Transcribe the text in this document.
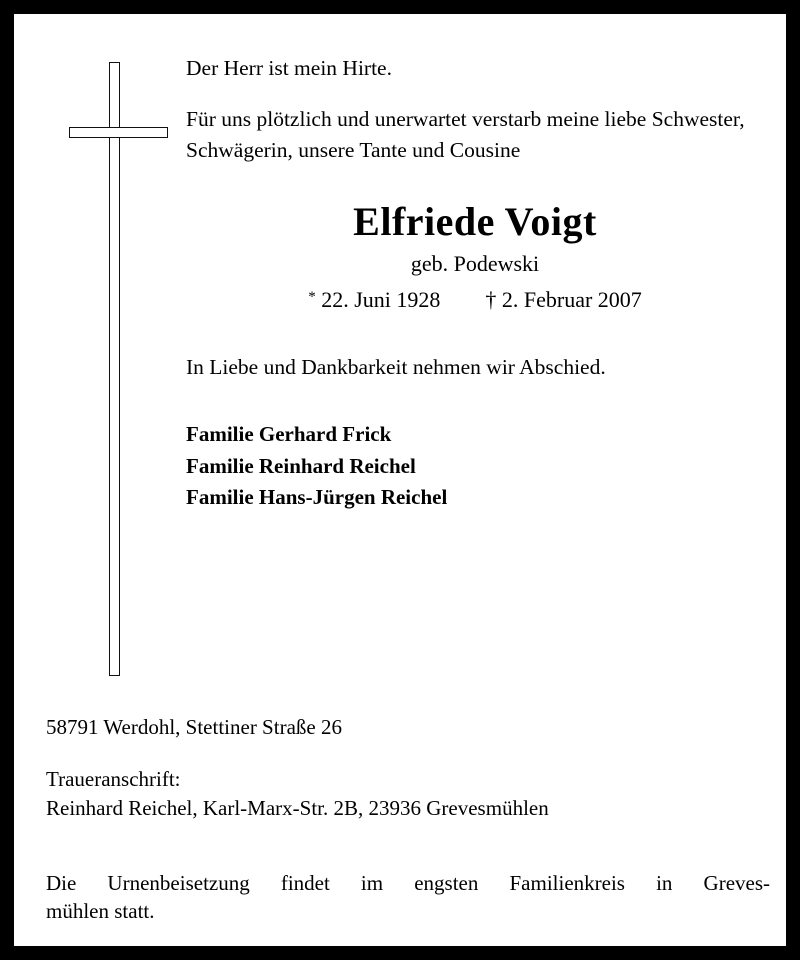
Der Herr ist mein Hirte.

Für uns plötzlich und unerwartet verstarb meine liebe Schwester, Schwägerin, unsere Tante und Cousine

Elfriede Voigt

geb. Podewski

* 22. Juni 1928 † 2. Februar 2007

In Liebe und Dankbarkeit nehmen wir Abschied.

Familie Gerhard Frick
Familie Reinhard Reichel
Familie Hans-Jürgen Reichel

58791 Werdohl, Stettiner Straße 26

Traueranschrift:

Reinhard Reichel, Karl-Marx-Str. 2B, 23936 Grevesmühlen

Die Urnenbeisetzung findet im engsten Familienkreis in Greves-
mühlen statt.
